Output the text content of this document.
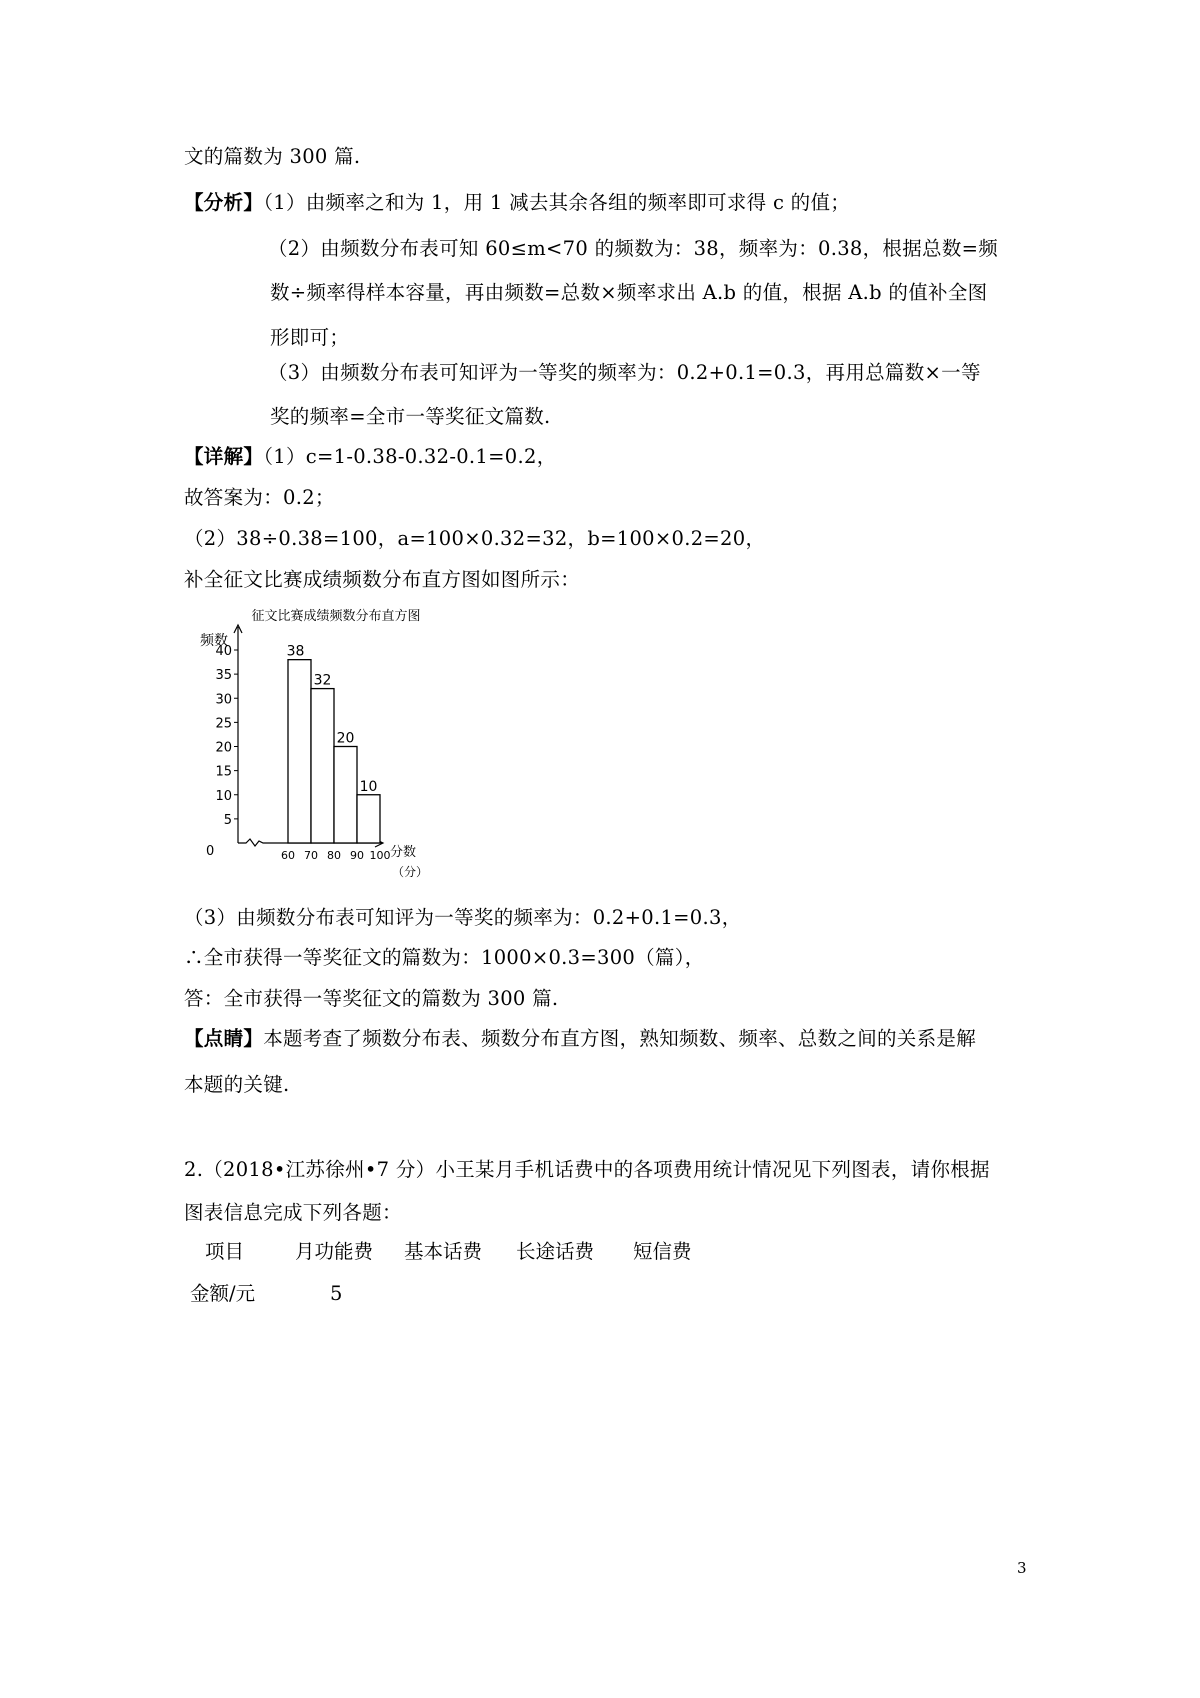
文的篇数为 300 篇.
【分析】（1）由频率之和为 1，用 1 减去其余各组的频率即可求得 c 的值；
（2）由频数分布表可知 60≤m<70 的频数为：38，频率为：0.38，根据总数=频
数÷频率得样本容量，再由频数=总数×频率求出 A.b 的值，根据 A.b 的值补全图
形即可；
（3）由频数分布表可知评为一等奖的频率为：0.2+0.1=0.3，再用总篇数×一等
奖的频率=全市一等奖征文篇数.
【详解】（1）c=1-0.38-0.32-0.1=0.2，
故答案为：0.2；
（2）38÷0.38=100，a=100×0.32=32，b=100×0.2=20，
补全征文比赛成绩频数分布直方图如图所示：
征文比赛成绩频数分布直方图
频数
0
5
10
15
20
25
30
35
40
60 70 80 90 100 分数
（分）
38
32
20
10
（3）由频数分布表可知评为一等奖的频率为：0.2+0.1=0.3，
∴全市获得一等奖征文的篇数为：1000×0.3=300（篇），
答：全市获得一等奖征文的篇数为 300 篇.
【点睛】本题考查了频数分布表、频数分布直方图，熟知频数、频率、总数之间的关系是解
本题的关键.
2.（2018•江苏徐州•7 分）小王某月手机话费中的各项费用统计情况见下列图表，请你根据
图表信息完成下列各题：
项目	月功能费 基本话费 长途话费 短信费
金额/元	5
3
